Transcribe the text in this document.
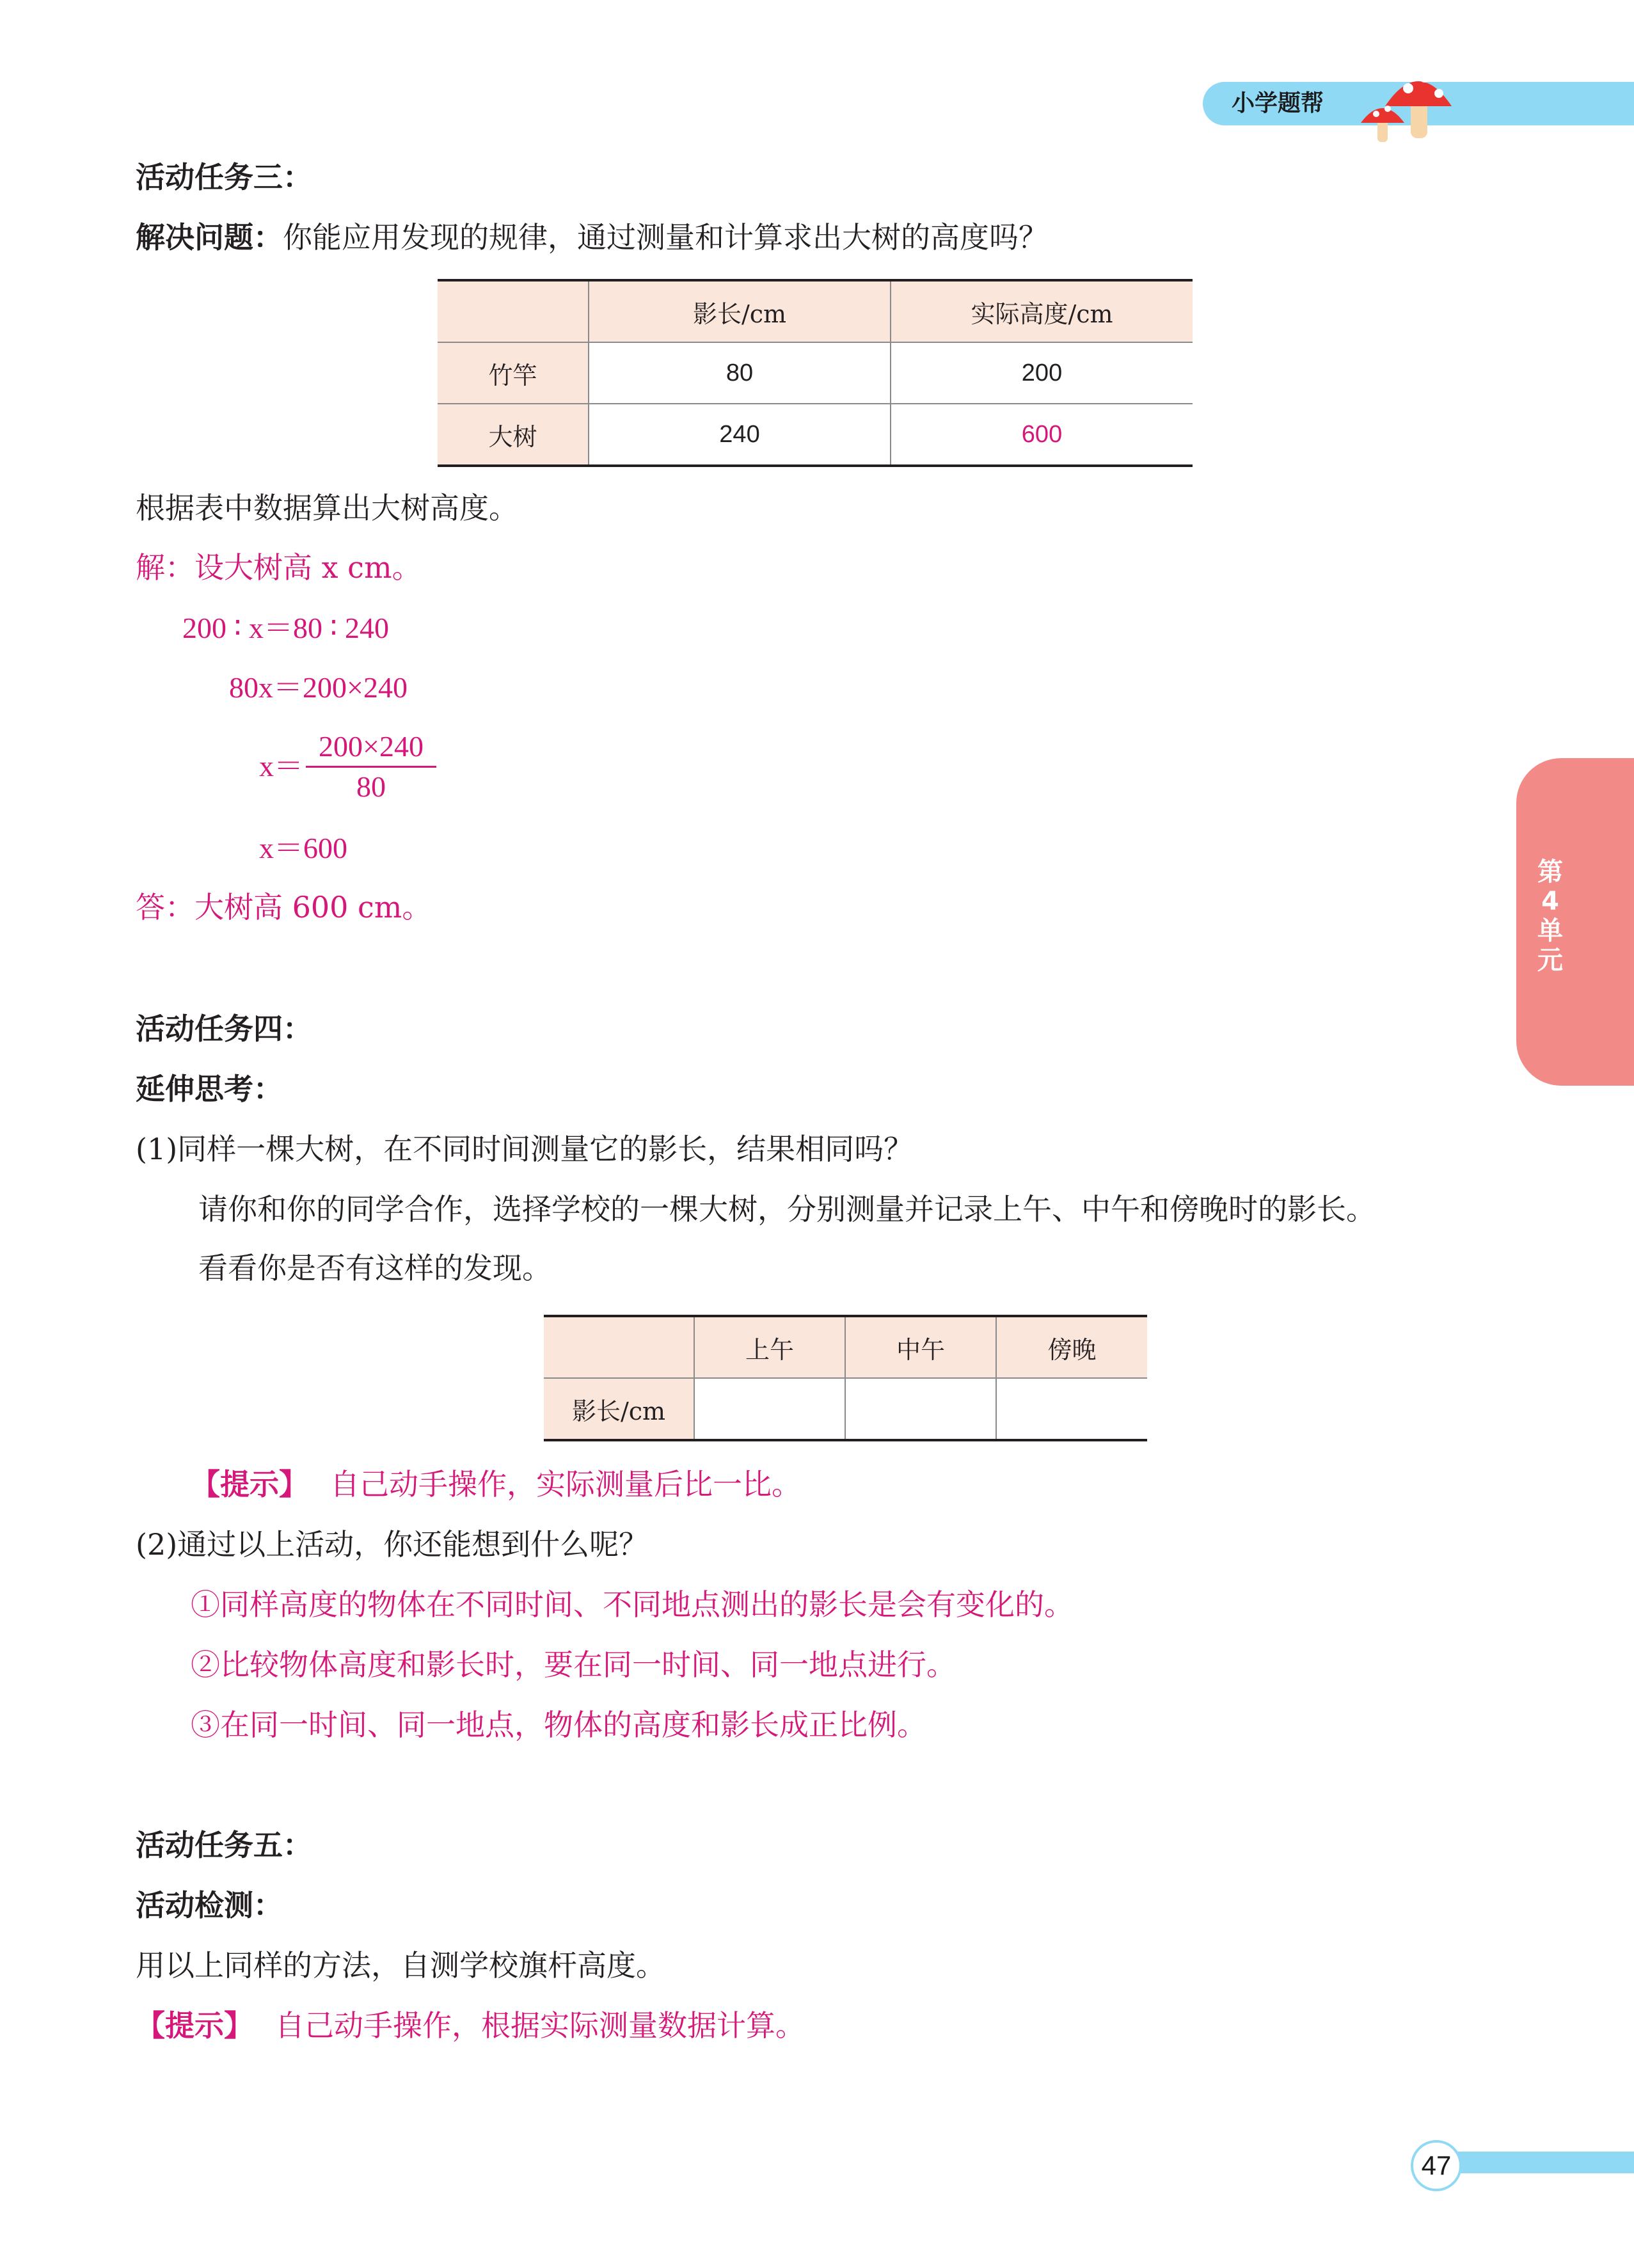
小学题帮
第
4
单
元
活动任务三：
解决问题：你能应用发现的规律，通过测量和计算求出大树的高度吗？
	影长/cm	实际高度/cm
竹竿	80	200
大树	240	600
根据表中数据算出大树高度。
解：设大树高 x cm。
200 ∶ x＝80 ∶ 240
80x＝200×240
x＝
200×240
80
x＝600
答：大树高 600 cm。
活动任务四：
延伸思考：
(1)同样一棵大树，在不同时间测量它的影长，结果相同吗？
请你和你的同学合作，选择学校的一棵大树，分别测量并记录上午、中午和傍晚时的影长。
看看你是否有这样的发现。
	上午	中午	傍晚
影长/cm			
【提示】 自己动手操作，实际测量后比一比。
(2)通过以上活动，你还能想到什么呢？
①同样高度的物体在不同时间、不同地点测出的影长是会有变化的。
②比较物体高度和影长时，要在同一时间、同一地点进行。
③在同一时间、同一地点，物体的高度和影长成正比例。
活动任务五：
活动检测：
用以上同样的方法，自测学校旗杆高度。
【提示】 自己动手操作，根据实际测量数据计算。
47
